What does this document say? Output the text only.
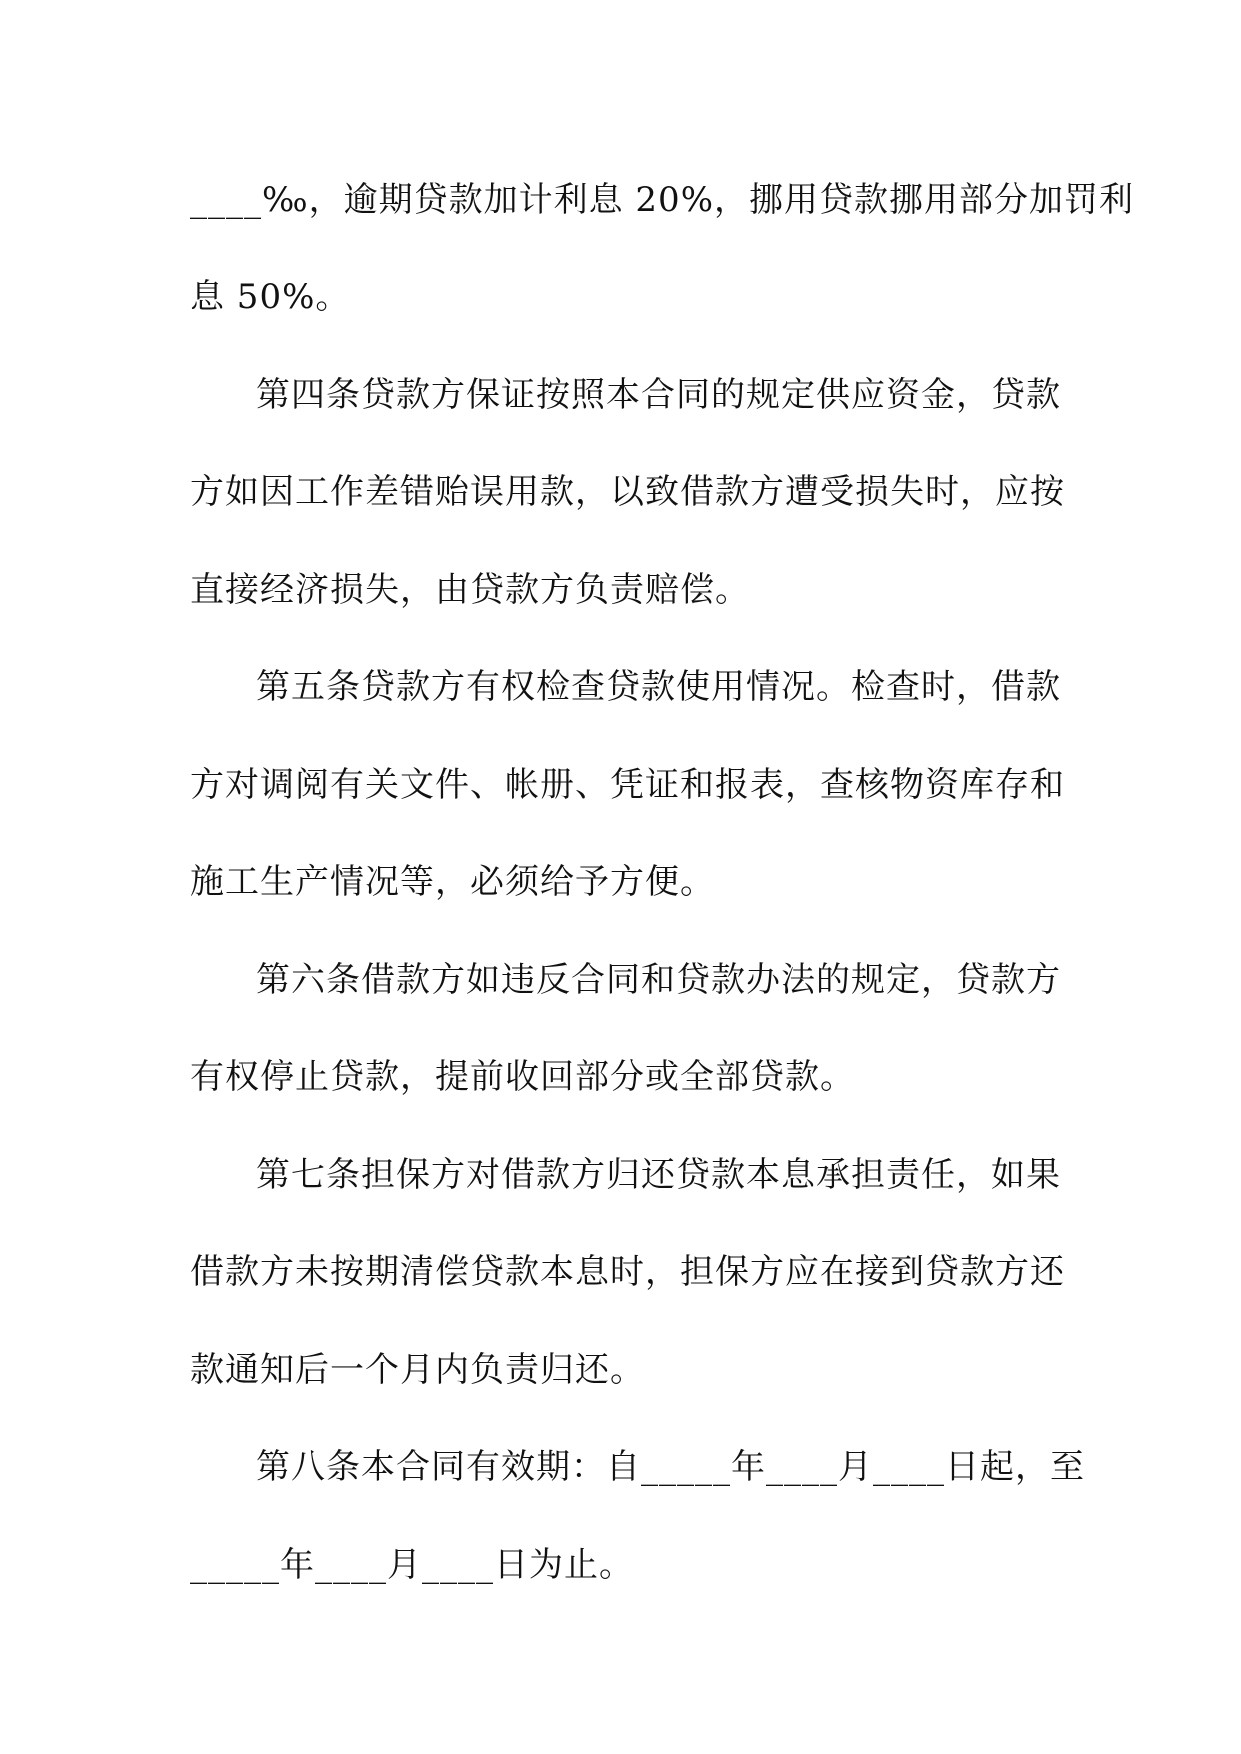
____‰，逾期贷款加计利息 20%，挪用贷款挪用部分加罚利
息 50%。
第四条贷款方保证按照本合同的规定供应资金，贷款
方如因工作差错贻误用款，以致借款方遭受损失时，应按
直接经济损失，由贷款方负责赔偿。
第五条贷款方有权检查贷款使用情况。检查时，借款
方对调阅有关文件、帐册、凭证和报表，查核物资库存和
施工生产情况等，必须给予方便。
第六条借款方如违反合同和贷款办法的规定，贷款方
有权停止贷款，提前收回部分或全部贷款。
第七条担保方对借款方归还贷款本息承担责任，如果
借款方未按期清偿贷款本息时，担保方应在接到贷款方还
款通知后一个月内负责归还。
第八条本合同有效期：自_____年____月____日起，至
_____年____月____日为止。
